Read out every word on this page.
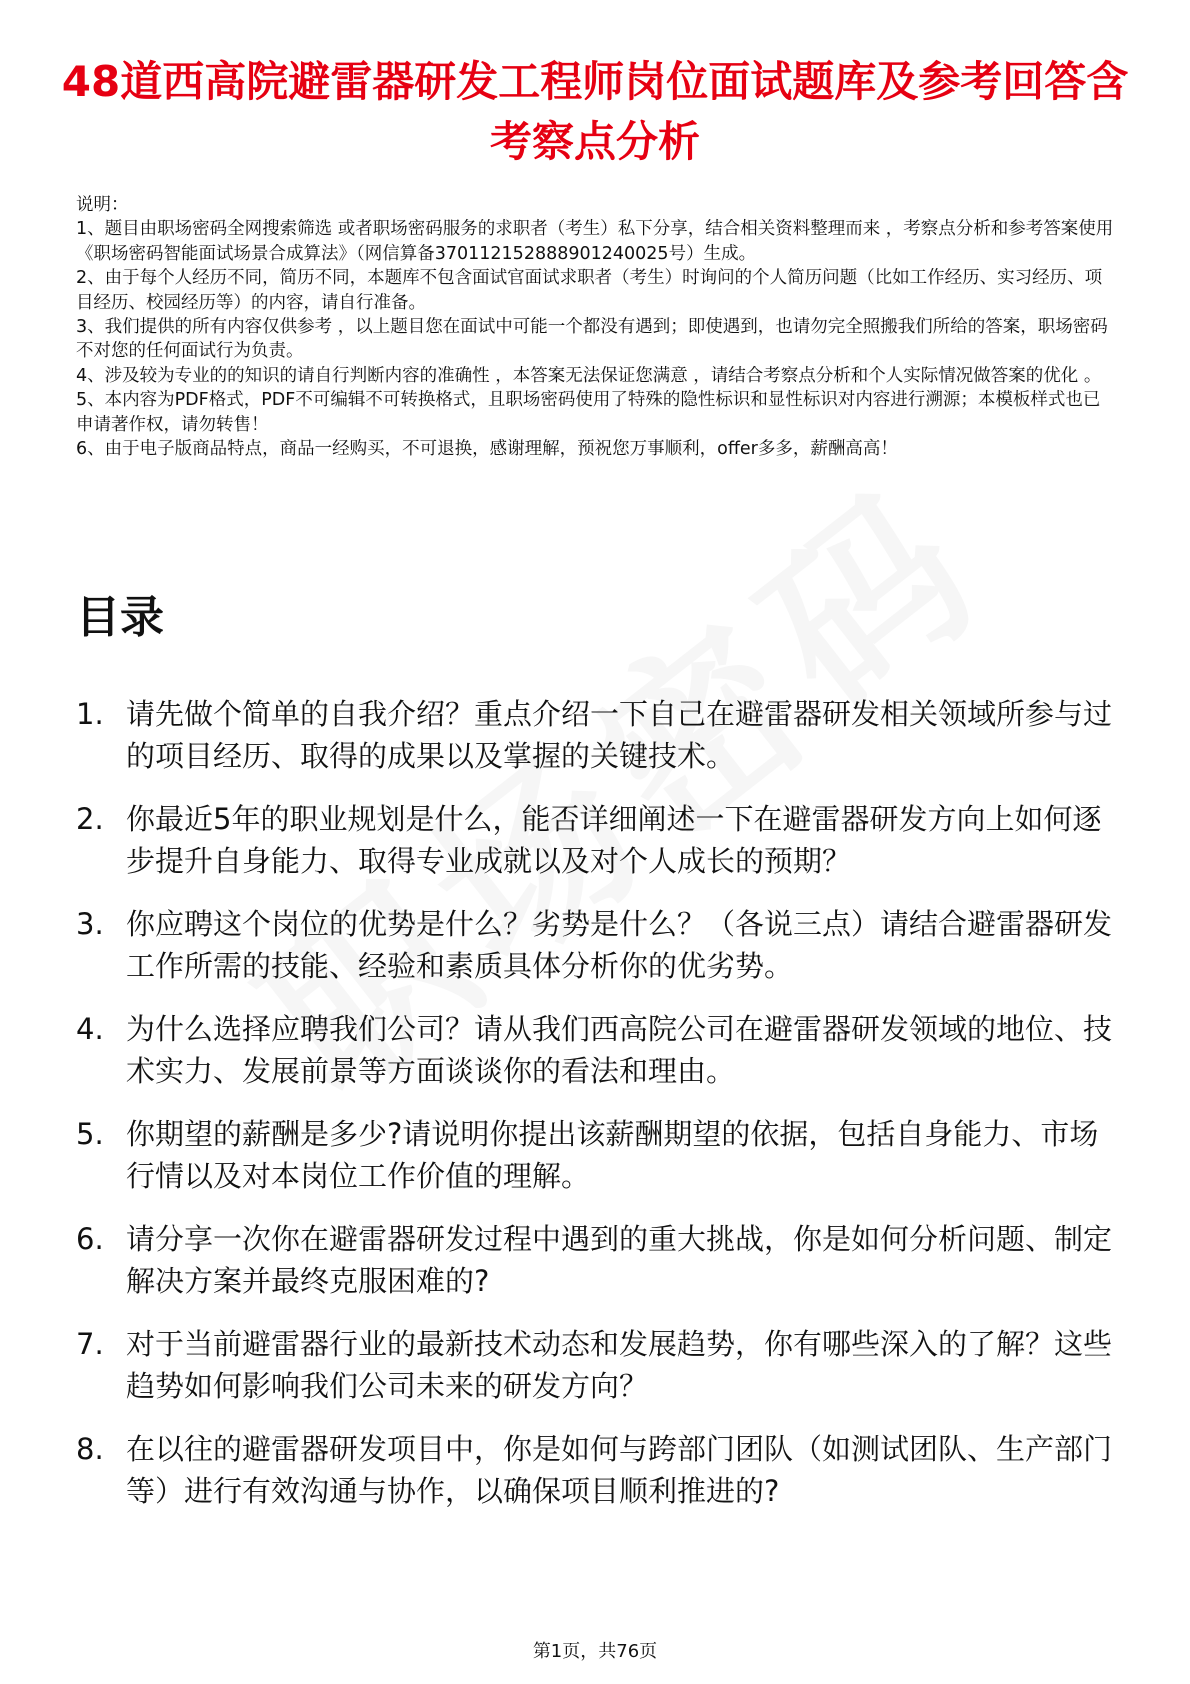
48道西高院避雷器研发工程师岗位面试题库及参考回答含考察点分析

说明：

1、题目由职场密码全网搜索筛选 或者职场密码服务的求职者（考生）私下分享，结合相关资料整理而来 ，考察点分析和参考答案使用《职场密码智能面试场景合成算法》（网信算备370112152888901240025号）生成。

2、由于每个人经历不同，简历不同，本题库不包含面试官面试求职者（考生）时询问的个人简历问题（比如工作经历、实习经历、项目经历、校园经历等）的内容，请自行准备。

3、我们提供的所有内容仅供参考 ，以上题目您在面试中可能一个都没有遇到；即使遇到，也请勿完全照搬我们所给的答案，职场密码不对您的任何面试行为负责。

4、涉及较为专业的的知识的请自行判断内容的准确性 ，本答案无法保证您满意 ，请结合考察点分析和个人实际情况做答案的优化 。

5、本内容为PDF格式，PDF不可编辑不可转换格式，且职场密码使用了特殊的隐性标识和显性标识对内容进行溯源；本模板样式也已申请著作权，请勿转售！

6、由于电子版商品特点，商品一经购买，不可退换，感谢理解，预祝您万事顺利，offer多多，薪酬高高！

目录
1. 请先做个简单的自我介绍？重点介绍一下自己在避雷器研发相关领域所参与过的项目经历、取得的成果以及掌握的关键技术。
2. 你最近5年的职业规划是什么，能否详细阐述一下在避雷器研发方向上如何逐步提升自身能力、取得专业成就以及对个人成长的预期？
3. 你应聘这个岗位的优势是什么？劣势是什么？（各说三点）请结合避雷器研发工作所需的技能、经验和素质具体分析你的优劣势。
4. 为什么选择应聘我们公司？请从我们西高院公司在避雷器研发领域的地位、技术实力、发展前景等方面谈谈你的看法和理由。
5. 你期望的薪酬是多少?请说明你提出该薪酬期望的依据，包括自身能力、市场行情以及对本岗位工作价值的理解。
6. 请分享一次你在避雷器研发过程中遇到的重大挑战，你是如何分析问题、制定解决方案并最终克服困难的?
7. 对于当前避雷器行业的最新技术动态和发展趋势，你有哪些深入的了解？这些趋势如何影响我们公司未来的研发方向？
8. 在以往的避雷器研发项目中，你是如何与跨部门团队（如测试团队、生产部门等）进行有效沟通与协作，以确保项目顺利推进的?
第1页，共76页
